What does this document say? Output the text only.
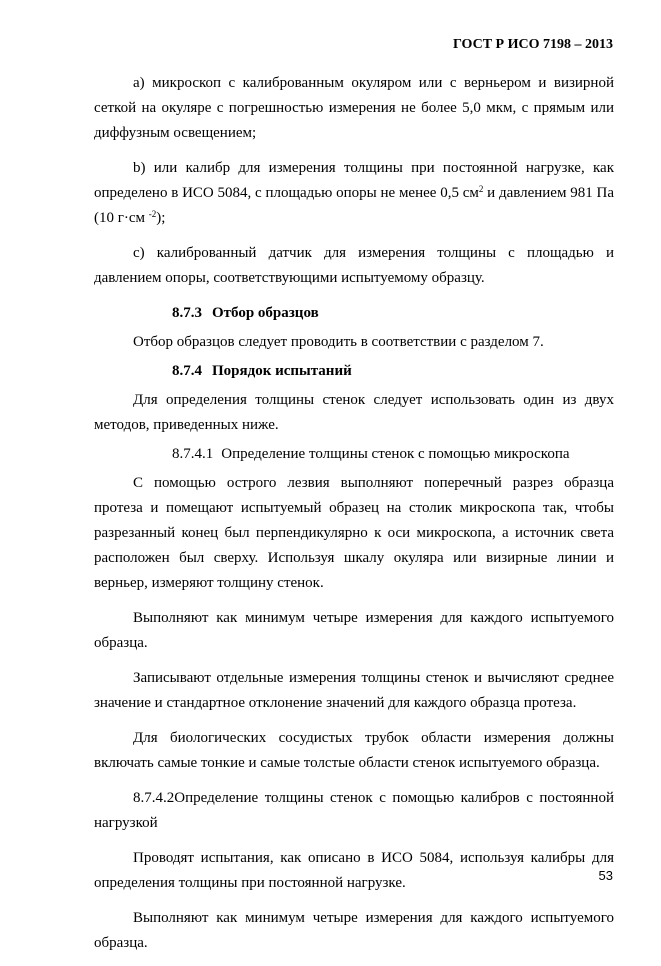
ГОСТ Р ИСО 7198 – 2013

а) микроскоп с калиброванным окуляром или с верньером и визирной сеткой на окуляре с погрешностью измерения не более 5,0 мкм, с прямым или диффузным освещением;

b) или калибр для измерения толщины при постоянной нагрузке, как определено в ИСО 5084, с площадью опоры не менее 0,5 $см^2$ и давлением 981 Па (10 г·см $^{-2}$);

c) калиброванный датчик для измерения толщины с площадью и давлением опоры, соответствующими испытуемому образцу.

8.7.3 Отбор образцов

Отбор образцов следует проводить в соответствии с разделом 7.

8.7.4 Порядок испытаний

Для определения толщины стенок следует использовать один из двух методов, приведенных ниже.

8.7.4.1 Определение толщины стенок с помощью микроскопа

С помощью острого лезвия выполняют поперечный разрез образца протеза и помещают испытуемый образец на столик микроскопа так, чтобы разрезанный конец был перпендикулярно к оси микроскопа, а источник света расположен был сверху. Используя шкалу окуляра или визирные линии и верньер, измеряют толщину стенок.

Выполняют как минимум четыре измерения для каждого испытуемого образца.

Записывают отдельные измерения толщины стенок и вычисляют среднее значение и стандартное отклонение значений для каждого образца протеза.

Для биологических сосудистых трубок области измерения должны включать самые тонкие и самые толстые области стенок испытуемого образца.

8.7.4.2Определение толщины стенок с помощью калибров с постоянной нагрузкой

Проводят испытания, как описано в ИСО 5084, используя калибры для определения толщины при постоянной нагрузке.

Выполняют как минимум четыре измерения для каждого испытуемого образца.

53
